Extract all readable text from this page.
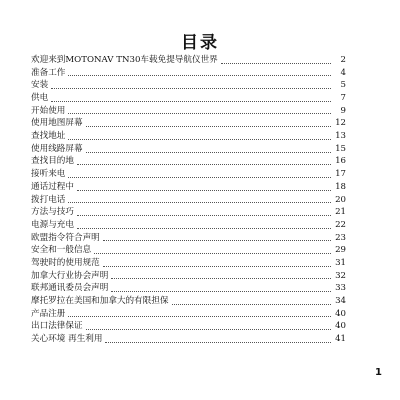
目录
欢迎来到MOTONAV TN30车载免提导航仪世界	2
准备工作	4
安装	5
供电	7
开始使用	9
使用地图屏幕	12
查找地址	13
使用线路屏幕	15
查找目的地	16
接听来电	17
通话过程中	18
拨打电话	20
方法与技巧	21
电源与充电	22
欧盟指令符合声明	23
安全和一般信息	29
驾驶时的使用规范	31
加拿大行业协会声明	32
联邦通讯委员会声明	33
摩托罗拉在美国和加拿大的有限担保	34
产品注册	40
出口法律保证	40
关心环境 再生利用	41
1
